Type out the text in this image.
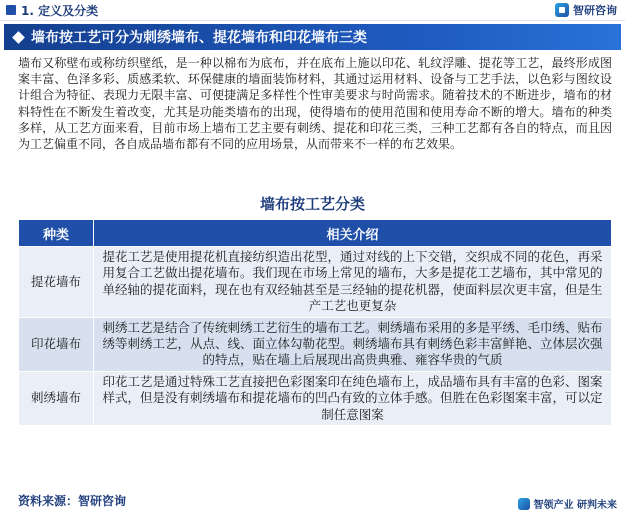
1. 定义及分类	智研咨询
墙布按工艺可分为刺绣墙布、提花墙布和印花墙布三类

墙布又称壁布或称纺织壁纸，是一种以棉布为底布，并在底布上施以印花、轧纹浮雕、提花等工艺，最终形成图案丰富、色泽多彩、质感柔软、环保健康的墙面装饰材料，其通过运用材料、设备与工艺手法，以色彩与图纹设计组合为特征、表现力无限丰富、可便捷满足多样性个性审美要求与时尚需求。随着技术的不断进步，墙布的材料特性在不断发生着改变，尤其是功能类墙布的出现，使得墙布的使用范围和使用寿命不断的增大。墙布的种类多样，从工艺方面来看，目前市场上墙布工艺主要有刺绣、提花和印花三类，三种工艺都有各自的特点，而且因为工艺偏重不同，各自成品墙布都有不同的应用场景，从而带来不一样的布艺效果。

墙布按工艺分类
种类	相关介绍
提花墙布	提花工艺是使用提花机直接纺织造出花型，通过对线的上下交错，交织成不同的花色，再采用复合工艺做出提花墙布。我们现在市场上常见的墙布，大多是提花工艺墙布，其中常见的单经轴的提花面料，现在也有双经轴甚至是三经轴的提花机器，使面料层次更丰富，但是生产工艺也更复杂
印花墙布	刺绣工艺是结合了传统刺绣工艺衍生的墙布工艺。刺绣墙布采用的多是平绣、毛巾绣、贴布绣等刺绣工艺，从点、线、面立体勾勒花型。刺绣墙布具有刺绣色彩丰富鲜艳、立体层次强的特点，贴在墙上后展现出高贵典雅、雍容华贵的气质
刺绣墙布	印花工艺是通过特殊工艺直接把色彩图案印在纯色墙布上，成品墙布具有丰富的色彩、图案样式，但是没有刺绣墙布和提花墙布的凹凸有致的立体手感。但胜在色彩图案丰富，可以定制任意图案
资料来源：智研咨询	智领产业 研判未来
